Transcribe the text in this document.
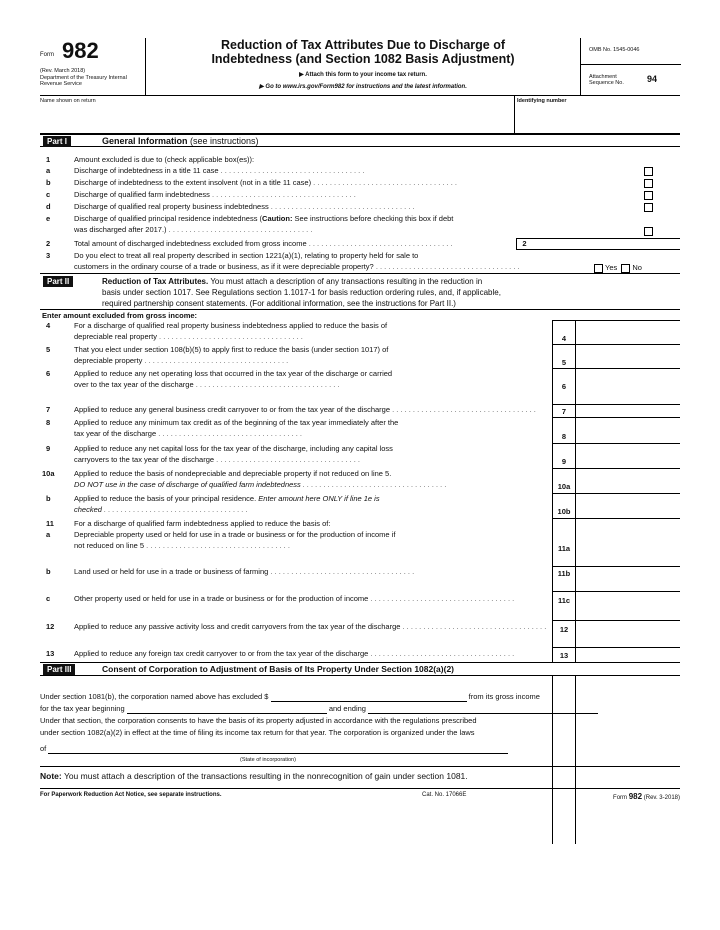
Form 982
(Rev. March 2018)
Department of the Treasury Internal Revenue Service
Reduction of Tax Attributes Due to Discharge of
Indebtedness (and Section 1082 Basis Adjustment)
▶ Attach this form to your income tax return.
▶ Go to www.irs.gov/Form982 for instructions and the latest information.
OMB No. 1545-0046
Attachment
Sequence No.	94
Name shown on return	Identifying number
Part I	General Information (see instructions)
1	Amount excluded is due to (check applicable box(es)):
a	Discharge of indebtedness in a title 11 case . . .
b	Discharge of indebtedness to the extent insolvent (not in a title 11 case) . . .
c	Discharge of qualified farm indebtedness . . .
d	Discharge of qualified real property business indebtedness . . .
e	Discharge of qualified principal residence indebtedness (Caution: See instructions before checking this box if debt
was discharged after 2017.) . . .
2	Total amount of discharged indebtedness excluded from gross income . . .	2
3	Do you elect to treat all real property described in section 1221(a)(1), relating to property held for sale to
customers in the ordinary course of a trade or business, as if it were depreciable property? . . .	Yes No
Part II	Reduction of Tax Attributes. You must attach a description of any transactions resulting in the reduction in
basis under section 1017. See Regulations section 1.1017-1 for basis reduction ordering rules, and, if applicable,
required partnership consent statements. (For additional information, see the instructions for Part II.)
Enter amount excluded from gross income:
4	For a discharge of qualified real property business indebtedness applied to reduce the basis of
depreciable real property . . .	4
5	That you elect under section 108(b)(5) to apply first to reduce the basis (under section 1017) of
depreciable property . . .	5
6	Applied to reduce any net operating loss that occurred in the tax year of the discharge or carried
over to the tax year of the discharge . . .	6
7	Applied to reduce any general business credit carryover to or from the tax year of the discharge . . .	7
8	Applied to reduce any minimum tax credit as of the beginning of the tax year immediately after the
tax year of the discharge . . .	8
9	Applied to reduce any net capital loss for the tax year of the discharge, including any capital loss
carryovers to the tax year of the discharge . . .	9
10a	Applied to reduce the basis of nondepreciable and depreciable property if not reduced on line 5.
DO NOT use in the case of discharge of qualified farm indebtedness . . .	10a
b	Applied to reduce the basis of your principal residence. Enter amount here ONLY if line 1e is
checked . . .	10b
11	For a discharge of qualified farm indebtedness applied to reduce the basis of:
a	Depreciable property used or held for use in a trade or business or for the production of income if
not reduced on line 5 . . .	11a
b	Land used or held for use in a trade or business of farming . . .	11b
c	Other property used or held for use in a trade or business or for the production of income . . .	11c
12	Applied to reduce any passive activity loss and credit carryovers from the tax year of the discharge . . .	12
13	Applied to reduce any foreign tax credit carryover to or from the tax year of the discharge . . .	13
Part III	Consent of Corporation to Adjustment of Basis of Its Property Under Section 1082(a)(2)
Under section 1081(b), the corporation named above has excluded $	from its gross income
for the tax year beginning	and ending
Under that section, the corporation consents to have the basis of its property adjusted in accordance with the regulations prescribed
under section 1082(a)(2) in effect at the time of filing its income tax return for that year. The corporation is organized under the laws
of
(State of incorporation)
Note: You must attach a description of the transactions resulting in the nonrecognition of gain under section 1081.
For Paperwork Reduction Act Notice, see separate instructions.	Cat. No. 17066E	Form 982 (Rev. 3-2018)
